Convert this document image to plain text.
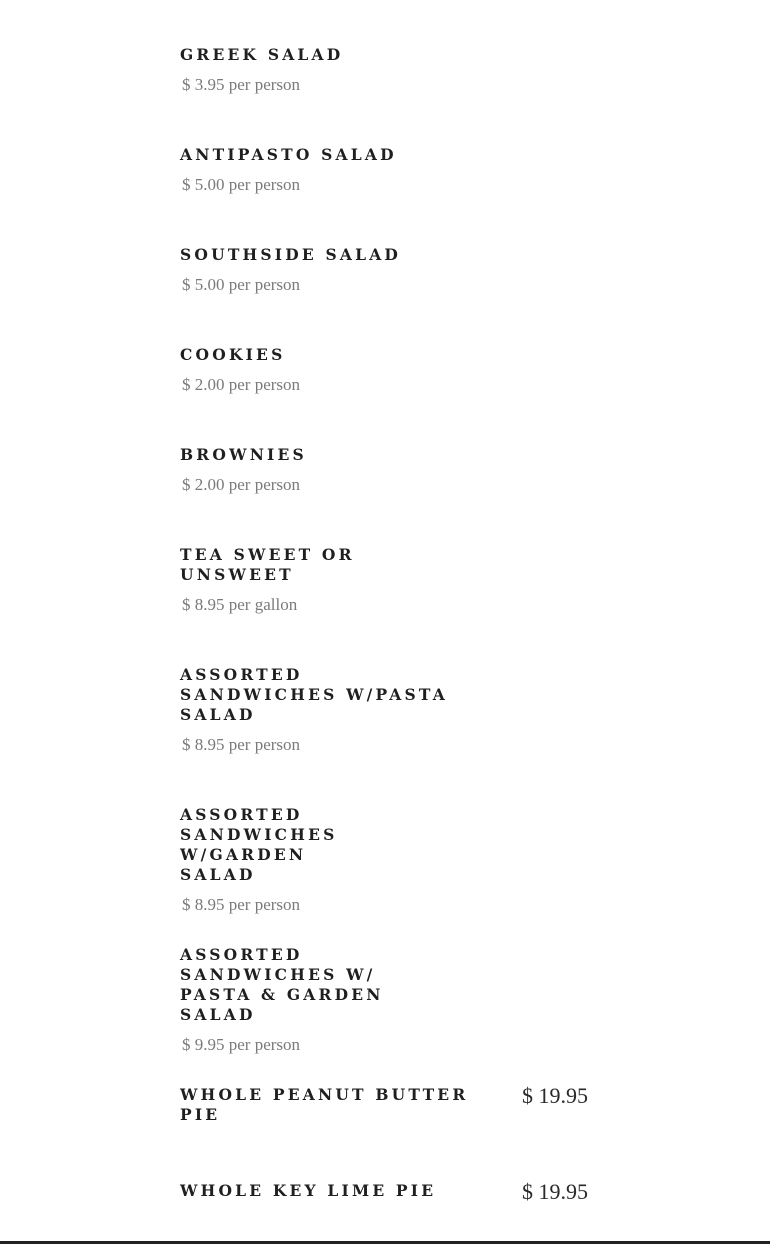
GREEK SALAD

$ 3.95 per person

ANTIPASTO SALAD

$ 5.00 per person

SOUTHSIDE SALAD

$ 5.00 per person

COOKIES

$ 2.00 per person

BROWNIES

$ 2.00 per person

TEA SWEET OR UNSWEET

$ 8.95 per gallon

ASSORTED SANDWICHES W/PASTA SALAD

$ 8.95 per person

ASSORTED SANDWICHES W/GARDEN SALAD

$ 8.95 per person

ASSORTED SANDWICHES W/ PASTA & GARDEN SALAD

$ 9.95 per person

WHOLE PEANUT BUTTER PIE

$ 19.95

WHOLE KEY LIME PIE	$ 19.95
